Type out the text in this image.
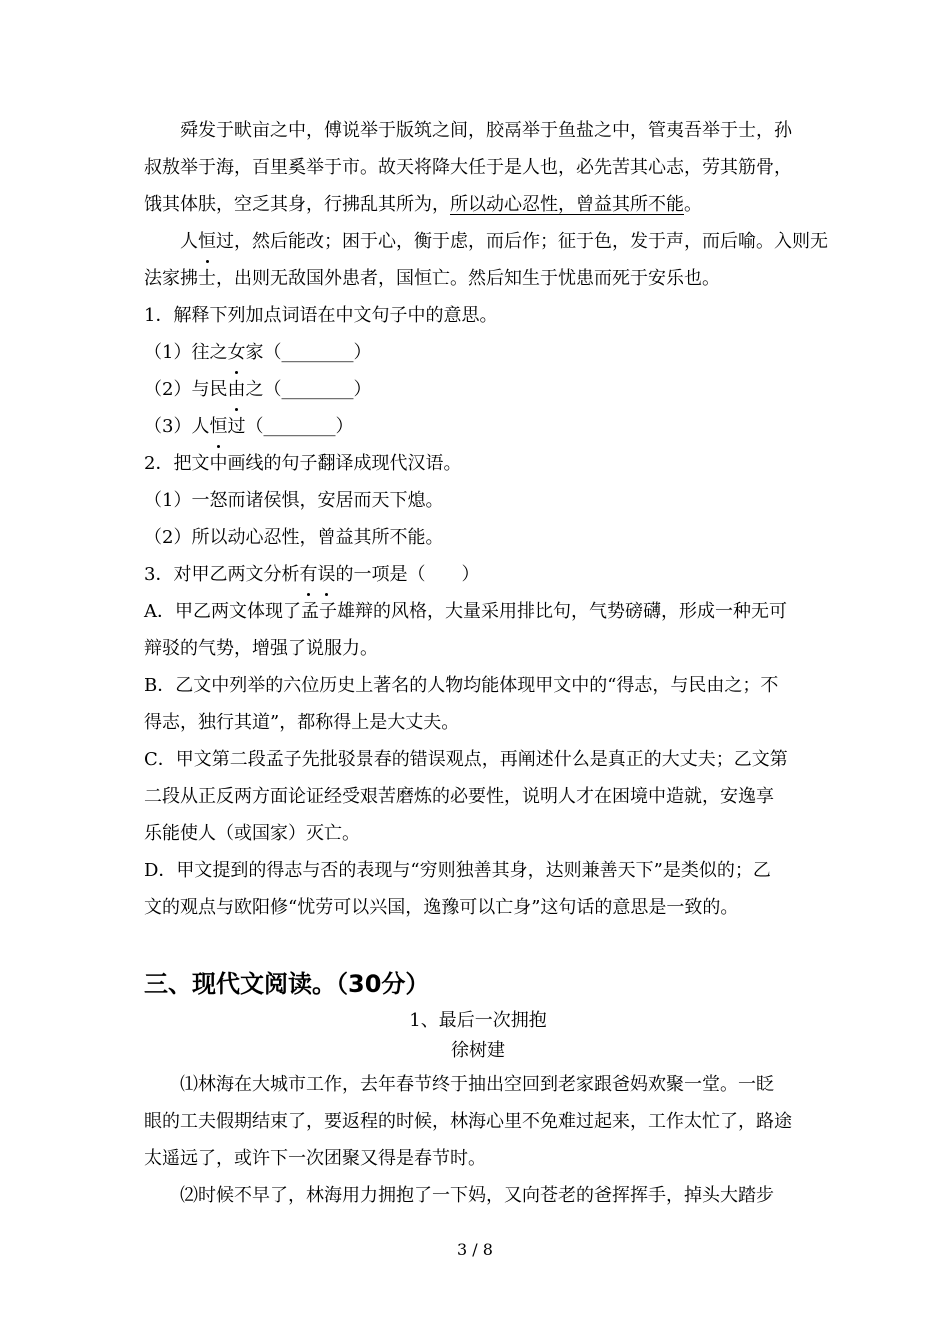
舜发于畎亩之中，傅说举于版筑之间，胶鬲举于鱼盐之中，管夷吾举于士，孙
叔敖举于海，百里奚举于市。故天将降大任于是人也，必先苦其心志，劳其筋骨，
饿其体肤，空乏其身，行拂乱其所为，所以动心忍性，曾益其所不能。
人恒过，然后能改；困于心，衡于虑，而后作；征于色，发于声，而后喻。入则无
法家拂士，出则无敌国外患者，国恒亡。然后知生于忧患而死于安乐也。
1．解释下列加点词语在中文句子中的意思。
（1）往之女家（________）
（2）与民由之（________）
（3）人恒过（________）
2．把文中画线的句子翻译成现代汉语。
（1）一怒而诸侯惧，安居而天下熄。
（2）所以动心忍性，曾益其所不能。
3．对甲乙两文分析有误的一项是（　　）
A．甲乙两文体现了孟子雄辩的风格，大量采用排比句，气势磅礴，形成一种无可
辩驳的气势，增强了说服力。
B．乙文中列举的六位历史上著名的人物均能体现甲文中的“得志，与民由之；不
得志，独行其道”，都称得上是大丈夫。
C．甲文第二段孟子先批驳景春的错误观点，再阐述什么是真正的大丈夫；乙文第
二段从正反两方面论证经受艰苦磨炼的必要性，说明人才在困境中造就，安逸享
乐能使人（或国家）灭亡。
D．甲文提到的得志与否的表现与“穷则独善其身，达则兼善天下”是类似的；乙
文的观点与欧阳修“忧劳可以兴国，逸豫可以亡身”这句话的意思是一致的。
三、现代文阅读。（30分）
1、最后一次拥抱
徐树建
⑴林海在大城市工作，去年春节终于抽出空回到老家跟爸妈欢聚一堂。一眨
眼的工夫假期结束了，要返程的时候，林海心里不免难过起来，工作太忙了，路途
太遥远了，或许下一次团聚又得是春节时。
⑵时候不早了，林海用力拥抱了一下妈，又向苍老的爸挥挥手，掉头大踏步
3 / 8
